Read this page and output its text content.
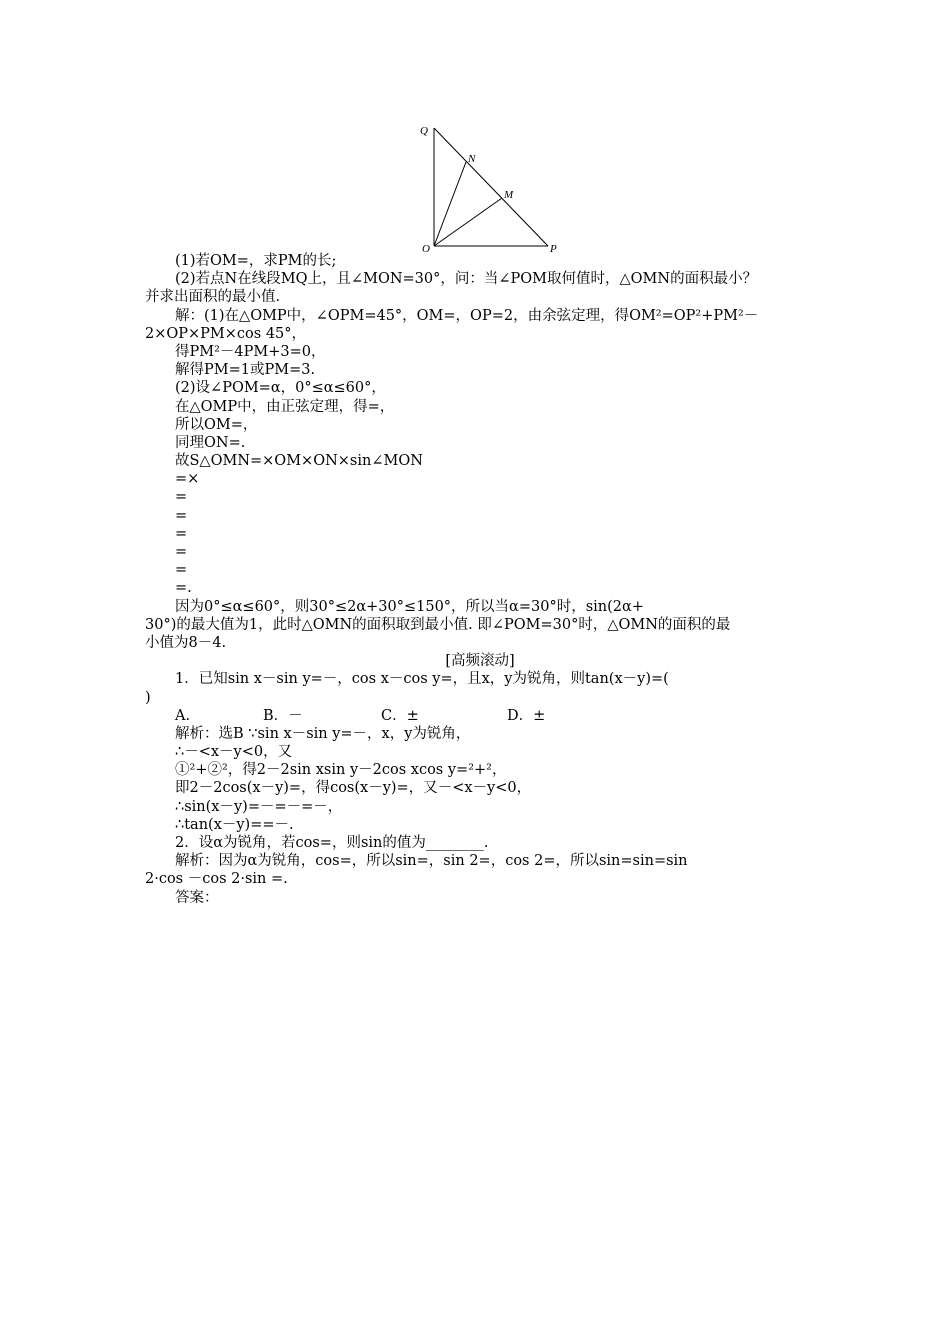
Q
N
M
O	P
(1)若OM=，求PM的长;
(2)若点N在线段MQ上，且∠MON=30°，问：当∠POM取何值时，△OMN的面积最小？
并求出面积的最小值.
解：(1)在△OMP中，∠OPM=45°，OM=，OP=2，由余弦定理，得OM²=OP²+PM²－
2×OP×PM×cos 45°，
得PM²－4PM+3=0，
解得PM=1或PM=3.
(2)设∠POM=α，0°≤α≤60°，
在△OMP中，由正弦定理，得=，
所以OM=，
同理ON=.
故S△OMN=×OM×ON×sin∠MON
=×
=
=
=
=
=
=.
因为0°≤α≤60°，则30°≤2α+30°≤150°，所以当α=30°时，sin(2α+
30°)的最大值为1，此时△OMN的面积取到最小值. 即∠POM=30°时，△OMN的面积的最
小值为8－4.
[高频滚动]
1．已知sin x－sin y=－，cos x－cos y=，且x，y为锐角，则tan(x－y)=(
)
A.	B．－	C．±	D．±
解析：选B ∵sin x－sin y=－，x，y为锐角，
∴－<x－y<0，又
①²+②²，得2－2sin xsin y－2cos xcos y=²+²，
即2－2cos(x－y)=，得cos(x－y)=，又－<x－y<0，
∴sin(x－y)=－=－=－，
∴tan(x－y)==－.
2．设α为锐角，若cos=，则sin的值为________.
解析：因为α为锐角，cos=，所以sin=，sin 2=，cos 2=，所以sin=sin=sin
2·cos －cos 2·sin =.
答案：
